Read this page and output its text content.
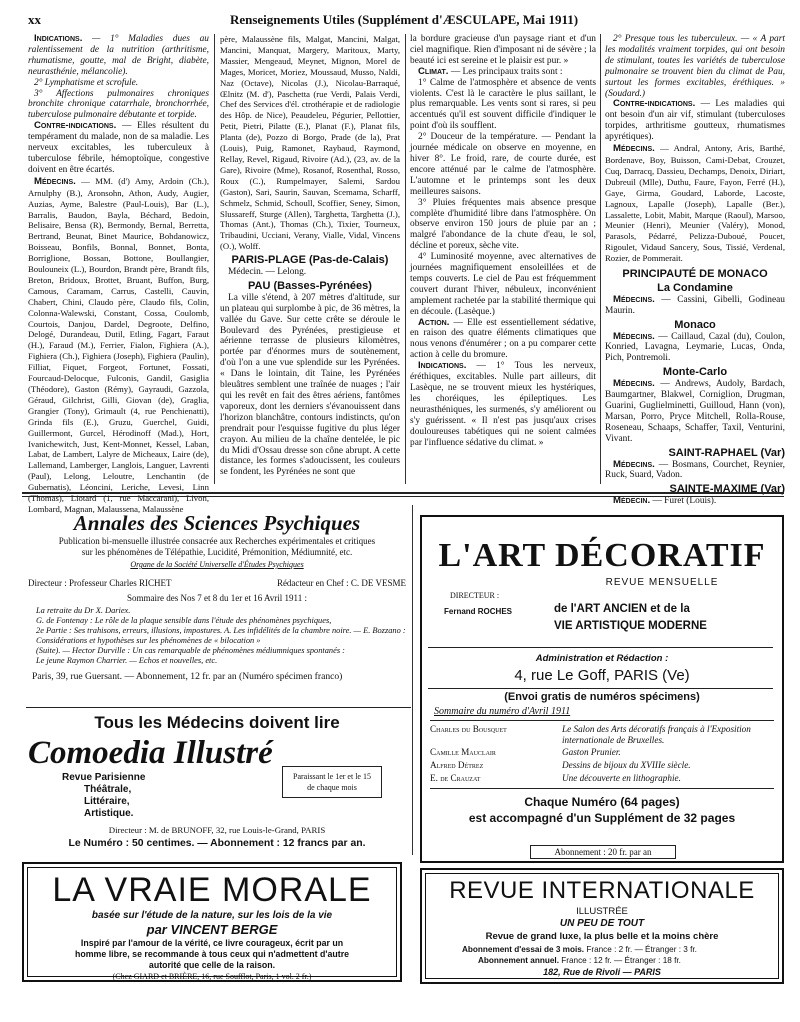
xx	Renseignements Utiles (Supplément d'ÆSCULAPE, Mai 1911)

Indications. — 1° Maladies dues au ralentissement de la nutrition (arthritisme, rhumatisme, goutte, mal de Bright, diabète, neurasthénie, mélancolie).

2° Lymphatisme et scrofule.

3° Affections pulmonaires chroniques bronchite chronique catarrhale, bronchorrhée, tuberculose pulmonaire débutante et torpide.

Contre-indications. — Elles résultent du tempérament du malade, non de sa maladie. Les nerveux excitables, les tuberculeux à tuberculose fébrile, hémoptoïque, congestive doivent en être écartés.

Médecins. — MM. (d') Amy, Ardoin (Ch.), Arnulphy (B.), Aronsohn, Athon, Audy, Augier, Auzias, Ayme, Balestre (Paul-Louis), Bar (L.), Barralis, Baudon, Bayla, Béchard, Bedoin, Belisaire, Bensa (R), Bermondy, Bernal, Berretta, Bertrand, Beunat, Binet Maurice, Bohdanowicz, Boisseau, Bonfils, Bonnal, Bonnet, Bonta, Borriglione, Bossan, Bottone, Boullangier, Boulouneix (L.), Bourdon, Brandt père, Brandt fils, Breton, Bridoux, Brottet, Bruant, Buffon, Burg, Camous, Caramam, Carrus, Castelli, Cauvin, Chabert, Chini, Claudo père, Claudo fils, Colin, Colonna-Walewski, Constant, Cossa, Coulomb, Courtois, Danjou, Dardel, Degroote, Delfino, Delogé, Durandeau, Dutil, Etling, Fagart, Faraut (H.), Faraud (M.), Ferrier, Fialon, Fighiera (A.), Fighiera (Ch.), Fighiera (Joseph), Fighiera (Paulin), Filliat, Fiquet, Forgeot, Fortunet, Fossati, Fourcaud-Delocque, Fulconis, Gandil, Gasiglia (Théodore), Gaston (Rémy), Gayraudi, Gazzola, Géraud, Gilchrist, Gilli, Giovan (de), Graglia, Grangier (Tony), Grimault (4, rue Penchienatti), Grinda fils (E.), Gruzu, Guerchel, Guidi, Guillermont, Gurcel, Hérodinoff (Mad.), Hort, Ivanichewitch, Just, Kent-Monnet, Kessel, Laban, Labat, de Lambert, Lalyre de Micheaux, Laire (de), Lallemand, Lamberger, Langlois, Languer, Lavrenti (Paul), Lelong, Leloutre, Lenchantin (de Gubernatis), Léoncini, Leriche, Levesi, Linn (Thomas), Liotard (1, rue Maccarani), Livon, Lombard, Magnan, Malaussena, Malaussène

père, Malaussène fils, Malgat, Mancini, Malgat, Mancini, Manquat, Margery, Maritoux, Marty, Massier, Mengeaud, Meynet, Mignon, Morel de Mages, Moricet, Moriez, Moussaud, Musso, Naldi, Naz (Octave), Nicolas (J.), Nicolau-Barraqué, Œlnitz (M. d'), Paschetta (rue Verdi, Palais Verdi, Chef des Services d'él. ctrothérapie et de radiologie des Hôp. de Nice), Peaudeleu, Pégurier, Pellottier, Petit, Pietri, Pilatte (E.), Planat (F.), Planat fils, Planta (de), Pozzo di Borgo, Prade (de la), Prat (Louis), Puig, Ramonet, Raybaud, Raymond, Rellay, Revel, Rigaud, Rivoire (Ad.), (23, av. de la Gare), Rivoire (Mme), Rosanof, Rosenthal, Rosso, Roux (C.), Rumpelmayer, Salemi, Sardou (Gaston), Sari, Saurin, Sauvan, Scemama, Scharff, Schmelz, Schmid, Schoull, Scoffier, Seney, Simon, Slussareff, Sturge (Allen), Targhetta, Targhetta (J.), Thomas (Ant.), Thomas (Ch.), Tixier, Tourneux, Tribaudini, Ucciani, Verany, Vialle, Vidal, Vincens (O.), Wolff.

PARIS-PLAGE (Pas-de-Calais)

Médecin. — Lelong.

PAU (Basses-Pyrénées)

La ville s'étend, à 207 mètres d'altitude, sur un plateau qui surplombe à pic, de 36 mètres, la vallée du Gave. Sur cette crête se déroule le Boulevard des Pyrénées, prestigieuse et aérienne terrasse de plusieurs kilomètres, portée par d'énormes murs de soutènement, d'où l'on a une vue splendide sur les Pyrénées. « Dans le lointain, dit Taine, les Pyrénées bleuâtres semblent une traînée de nuages ; l'air qui les revêt en fait des êtres aériens, fantômes vaporeux, dont les derniers s'évanouissent dans l'horizon blanchâtre, contours indistincts, qu'on prendrait pour l'esquisse fugitive du plus léger crayon. Au milieu de la chaîne dentelée, le pic du Midi d'Ossau dresse son cône abrupt. A cette distance, les formes s'adoucissent, les couleurs se fondent, les Pyrénées ne sont que

la bordure gracieuse d'un paysage riant et d'un ciel magnifique. Rien d'imposant ni de sévère ; la beauté ici est sereine et le plaisir est pur. »

Climat. — Les principaux traits sont :

1° Calme de l'atmosphère et absence de vents violents. C'est là le caractère le plus saillant, le plus remarquable. Les vents sont si rares, si peu accentués qu'il est souvent difficile d'indiquer le point d'où ils soufflent.

2° Douceur de la température. — Pendant la journée médicale on observe en moyenne, en hiver 8°. Le froid, rare, de courte durée, est encore atténué par le calme de l'atmosphère. L'automne et le printemps sont les deux meilleures saisons.

3° Pluies fréquentes mais absence presque complète d'humidité libre dans l'atmosphère. On observe environ 150 jours de pluie par an ; malgré l'abondance de la chute d'eau, le sol, décline et poreux, sèche vite.

4° Luminosité moyenne, avec alternatives de journées magnifiquement ensoleillées et de temps couverts. Le ciel de Pau est fréquemment couvert durant l'hiver, nébuleux, inconvénient amplement rachetée par la stabilité thermique qui en découle. (Lasèque.)

Action. — Elle est essentiellement sédative, en raison des quatre éléments climatiques que nous venons d'énumérer ; on a pu comparer cette action à celle du bromure.

Indications. — 1° Tous les nerveux, éréthiques, excitables. Nulle part ailleurs, dit Lasèque, ne se trouvent mieux les hystériques, les choréiques, les épileptiques. Les neurasthéniques, les surmenés, s'y améliorent ou s'y guérissent. « Il n'est pas jusqu'aux crises douloureuses tabétiques qui ne soient calmées par l'influence sédative du climat. »

2° Presque tous les tuberculeux. — « A part les modalités vraiment torpides, qui ont besoin de stimulant, toutes les variétés de tuberculose pulmonaire se trouvent bien du climat de Pau, surtout les formes excitables, éréthiques. » (Soudard.)

Contre-indications. — Les maladies qui ont besoin d'un air vif, stimulant (tuberculoses torpides, arthritisme goutteux, rhumatismes apyrétiques).

Médecins. — Andral, Antony, Aris, Barthé, Bordenave, Boy, Buisson, Cami-Debat, Crouzet, Cuq, Darracq, Dassieu, Dechamps, Denoix, Diriart, Dubreuil (Mlle), Duthu, Faure, Fayon, Ferré (H.), Gaye, Girma, Goudard, Laborde, Lacoste, Lagnoux, Lapalle (Joseph), Lapalle (Ber.), Lassalette, Lobit, Mabit, Marque (Raoul), Marsoo, Meunier (Henri), Meunier (Valéry), Monod, Parasols, Pédarré, Pelizza-Duboué, Poucet, Rigoulet, Vidaud Sancery, Sous, Tissié, Verdenal, Rozier, de Pommerait.

PRINCIPAUTÉ DE MONACO
La Condamine

Médecins. — Cassini, Gibelli, Godineau Maurin.

Monaco

Médecins. — Caillaud, Cazal (du), Coulon, Konried, Lavagna, Leymarie, Lucas, Onda, Pich, Pontremoli.

Monte-Carlo

Médecins. — Andrews, Audoly, Bardach, Baumgartner, Blakwel, Corniglion, Drugman, Guarini, Guglielminetti, Guilloud, Hann (von), Marsan, Porro, Pryce Mitchell, Rolla-Rouse, Roseneau, Schaaps, Schaffer, Taxil, Venturini, Vivant.

SAINT-RAPHAEL (Var)

Médecins. — Bosmans, Courchet, Reynier, Ruck, Suard, Vadon.

SAINTE-MAXIME (Var)

Médecin. — Furet (Louis).

Annales des Sciences Psychiques
Publication bi-mensuelle illustrée consacrée aux Recherches expérimentales et critiques
sur les phénomènes de Télépathie, Lucidité, Prémonition, Médiumnité, etc.
Organe de la Société Universelle d'Études Psychiques
Directeur : Professeur Charles RICHET	Rédacteur en Chef : C. DE VESME
Sommaire des Nos 7 et 8 du 1er et 16 Avril 1911 :
La retraite du Dr X. Dariex.
G. de Fontenay : Le rôle de la plaque sensible dans l'étude des phénomènes psychiques,
2e Partie : Ses trahisons, erreurs, illusions, impostures. A. Les infidélités de la chambre noire. — E. Bozzano : Considérations et hypothèses sur les phénomènes de « bilocation »
(Suite). — Hector Durville : Un cas remarquable de phénomènes médiumniques spontanés :
Le jeune Raymon Charrier. — Echos et nouvelles, etc.
Paris, 39, rue Guersant. — Abonnement, 12 fr. par an (Numéro spécimen franco)
Tous les Médecins doivent lire
Comoedia Illustré
Revue Parisienne
Théâtrale,
Littéraire,
Artistique.
Paraissant le 1er et le 15
de chaque mois
Directeur : M. de BRUNOFF, 32, rue Louis-le-Grand, PARIS
Le Numéro : 50 centimes. — Abonnement : 12 francs par an.
LA VRAIE MORALE
basée sur l'étude de la nature, sur les lois de la vie
par VINCENT BERGE
Inspiré par l'amour de la vérité, ce livre courageux, écrit par un
homme libre, se recommande à tous ceux qui n'admettent d'autre
autorité que celle de la raison.
(Chez GIARD et BRIÈRE, 16, rue Soufflot, Paris, 1 vol. 2 fr.)
L'ART DÉCORATIF
REVUE MENSUELLE
DIRECTEUR :
Fernand ROCHES	de l'ART ANCIEN et de la
VIE ARTISTIQUE MODERNE
Administration et Rédaction :
4, rue Le Goff, PARIS (Ve)
(Envoi gratis de numéros spécimens)
Sommaire du numéro d'Avril 1911
Charles du Bousquet	Le Salon des Arts décoratifs français à l'Exposition internationale de Bruxelles.
Camille Mauclair	Gaston Prunier.
Alfred Détrez	Dessins de bijoux du XVIIIe siècle.
E. de Crauzat	Une découverte en lithographie.
Chaque Numéro (64 pages)
est accompagné d'un Supplément de 32 pages
Abonnement : 20 fr. par an
REVUE INTERNATIONALE
ILLUSTRÉE
UN PEU DE TOUT
Revue de grand luxe, la plus belle et la moins chère
Abonnement d'essai de 3 mois. France : 2 fr. — Étranger : 3 fr.
Abonnement annuel. France : 12 fr. — Étranger : 18 fr.
182, Rue de Rivoli — PARIS
